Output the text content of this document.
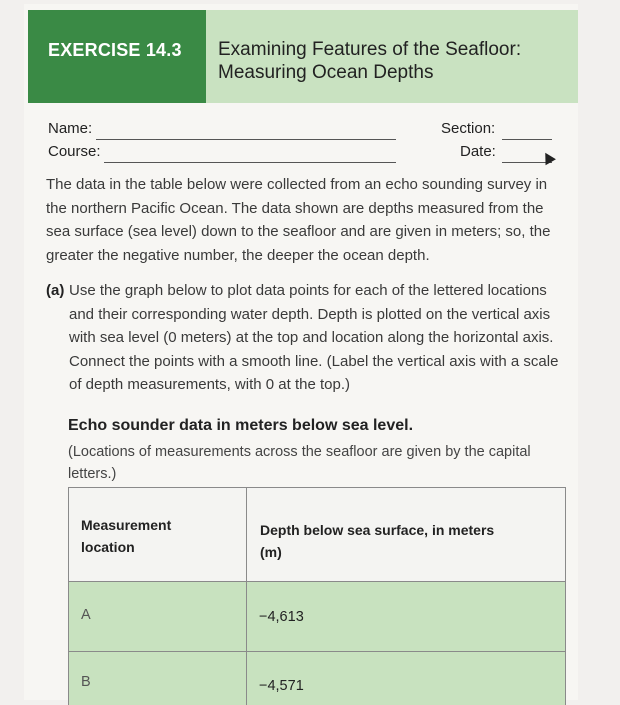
EXERCISE 14.3 Examining Features of the Seafloor:
Measuring Ocean Depths
Name:
Course:
Section:
Date:
The data in the table below were collected from an echo sounding survey in
the northern Pacific Ocean. The data shown are depths measured from the
sea surface (sea level) down to the seafloor and are given in meters; so, the
greater the negative number, the deeper the ocean depth.
(a) Use the graph below to plot data points for each of the lettered locations
and their corresponding water depth. Depth is plotted on the vertical axis
with sea level (0 meters) at the top and location along the horizontal axis.
Connect the points with a smooth line. (Label the vertical axis with a scale
of depth measurements, with 0 at the top.)
Echo sounder data in meters below sea level.
(Locations of measurements across the seafloor are given by the capital
letters.)
Measurement
location
Depth below sea surface, in meters
(m)
A	−4,613
B	−4,571
